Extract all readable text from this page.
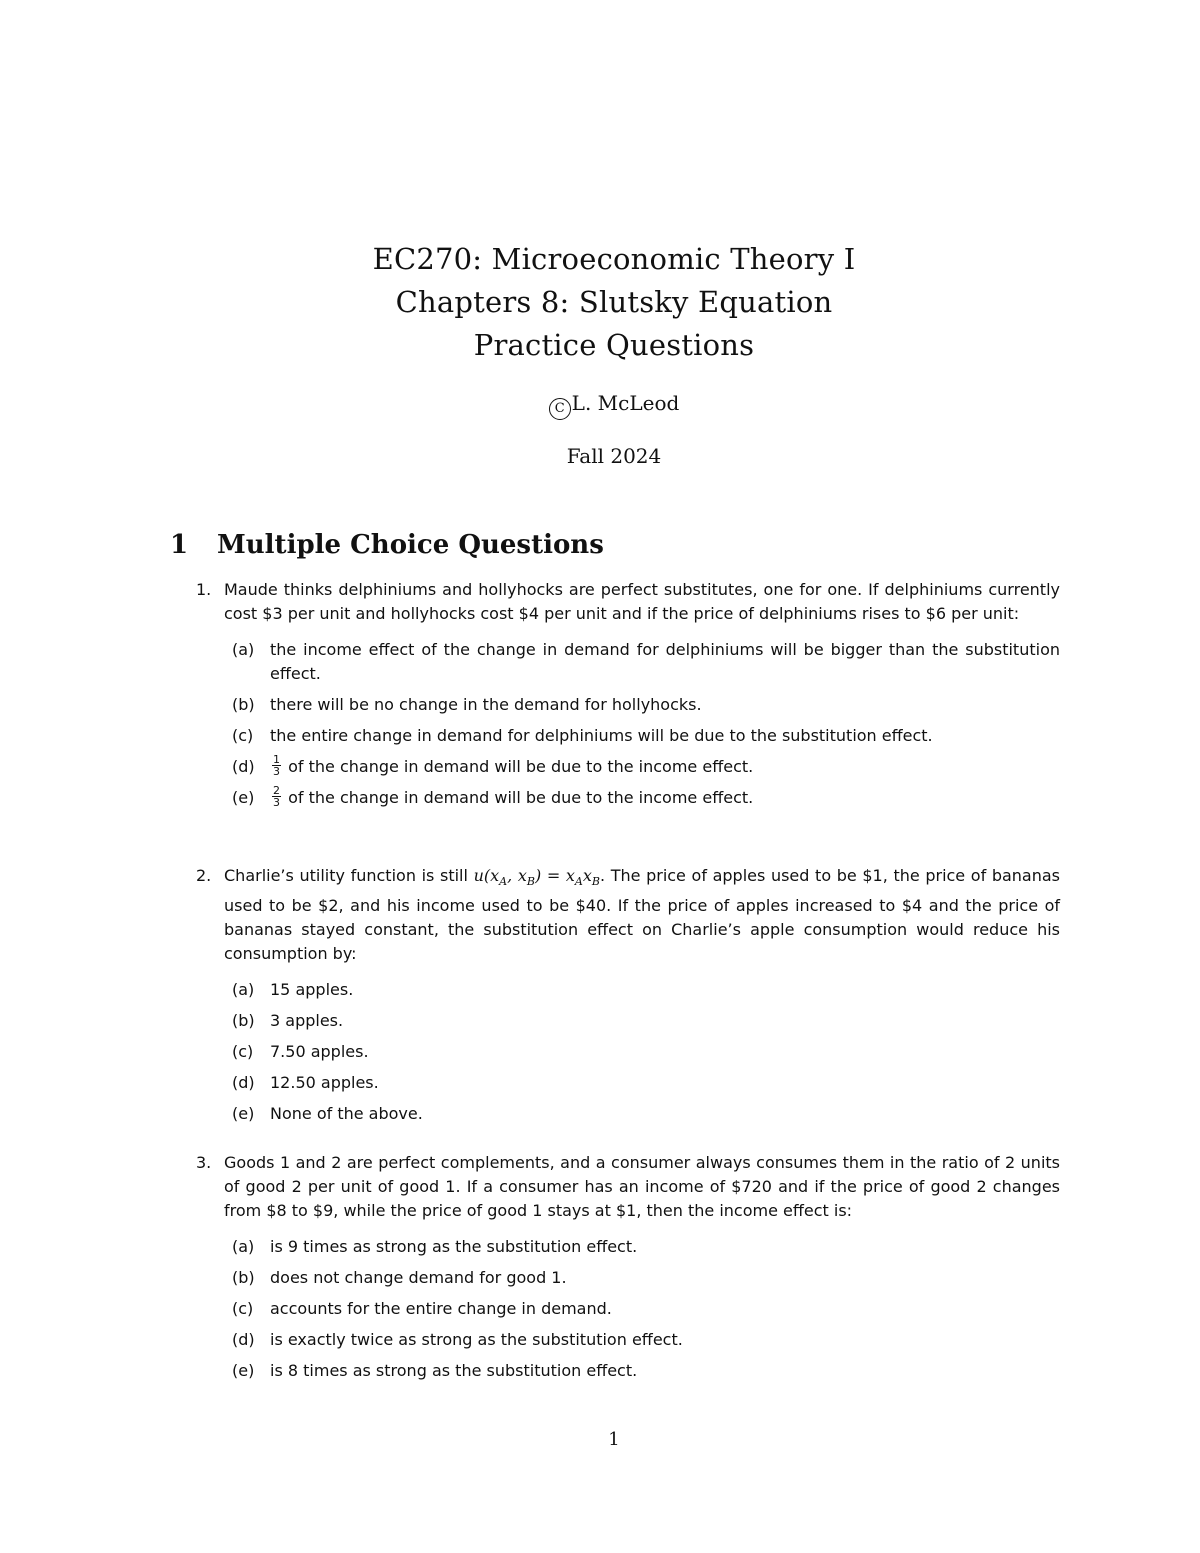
EC270: Microeconomic Theory I
Chapters 8: Slutsky Equation
Practice Questions
C L. McLeod
Fall 2024
1 Multiple Choice Questions
1. Maude thinks delphiniums and hollyhocks are perfect substitutes, one for one. If delphiniums currently cost $3 per unit and hollyhocks cost $4 per unit and if the price of delphiniums rises to $6 per unit:
(a) the income effect of the change in demand for delphiniums will be bigger than the substitution effect.
(b) there will be no change in the demand for hollyhocks.
(c) the entire change in demand for delphiniums will be due to the substitution effect.
$(d) \frac{1}{3}$ of the change in demand will be due to the income effect.
$(e) \frac{2}{3}$ of the change in demand will be due to the income effect.
2. Charlie’s utility function is still $u(x_A$, $x_B) = x_Ax_B$. The price of apples used to be $1, the price of bananas used to be $2, and his income used to be $40. If the price of apples increased to $4 and the price of bananas stayed constant, the substitution effect on Charlie’s apple consumption would reduce his consumption by:
(a) 15 apples.
(b) 3 apples.
(c) 7.50 apples.
(d) 12.50 apples.
(e) None of the above.
3. Goods 1 and 2 are perfect complements, and a consumer always consumes them in the ratio of 2 units of good 2 per unit of good 1. If a consumer has an income of $720 and if the price of good 2 changes from $8 to $9, while the price of good 1 stays at $1, then the income effect is:
(a) is 9 times as strong as the substitution effect.
(b) does not change demand for good 1.
(c) accounts for the entire change in demand.
(d) is exactly twice as strong as the substitution effect.
(e) is 8 times as strong as the substitution effect.
1
